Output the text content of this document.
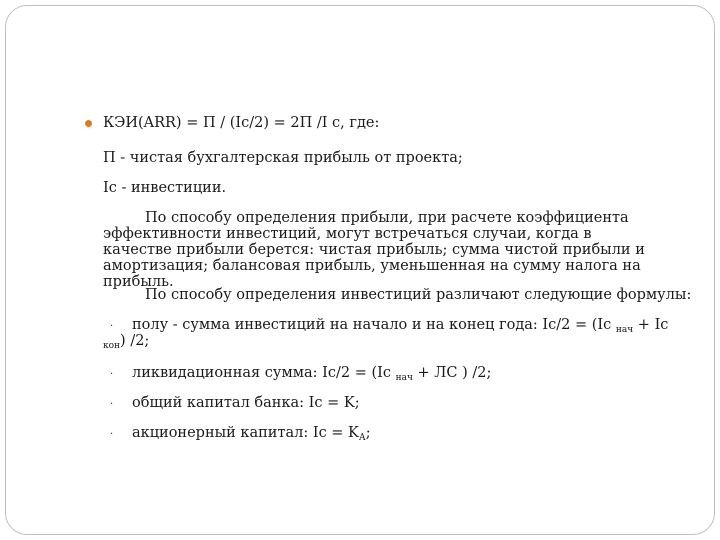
КЭИ(ARR) = П / (Ic/2) = 2П /I c, где:
П - чистая бухгалтерская прибыль от проекта;
Ic - инвестиции.
По способу определения прибыли, при расчете коэффициента эффективности инвестиций, могут встречаться случаи, когда в качестве прибыли берется: чистая прибыль; сумма чистой прибыли и амортизация; балансовая прибыль, уменьшенная на сумму налога на прибыль.
По способу определения инвестиций различают следующие формулы:
· полу - сумма инвестиций на начало и на конец года: Ic/2 = (Ic $_{нач}$ + Ic
$_{кон}$) /2;
· ликвидационная сумма: Ic/2 = (Ic $_{нач}$ + ЛС ) /2;
· общий капитал банка: Ic = K;
· акционерный капитал: $Ic = K_А$;
